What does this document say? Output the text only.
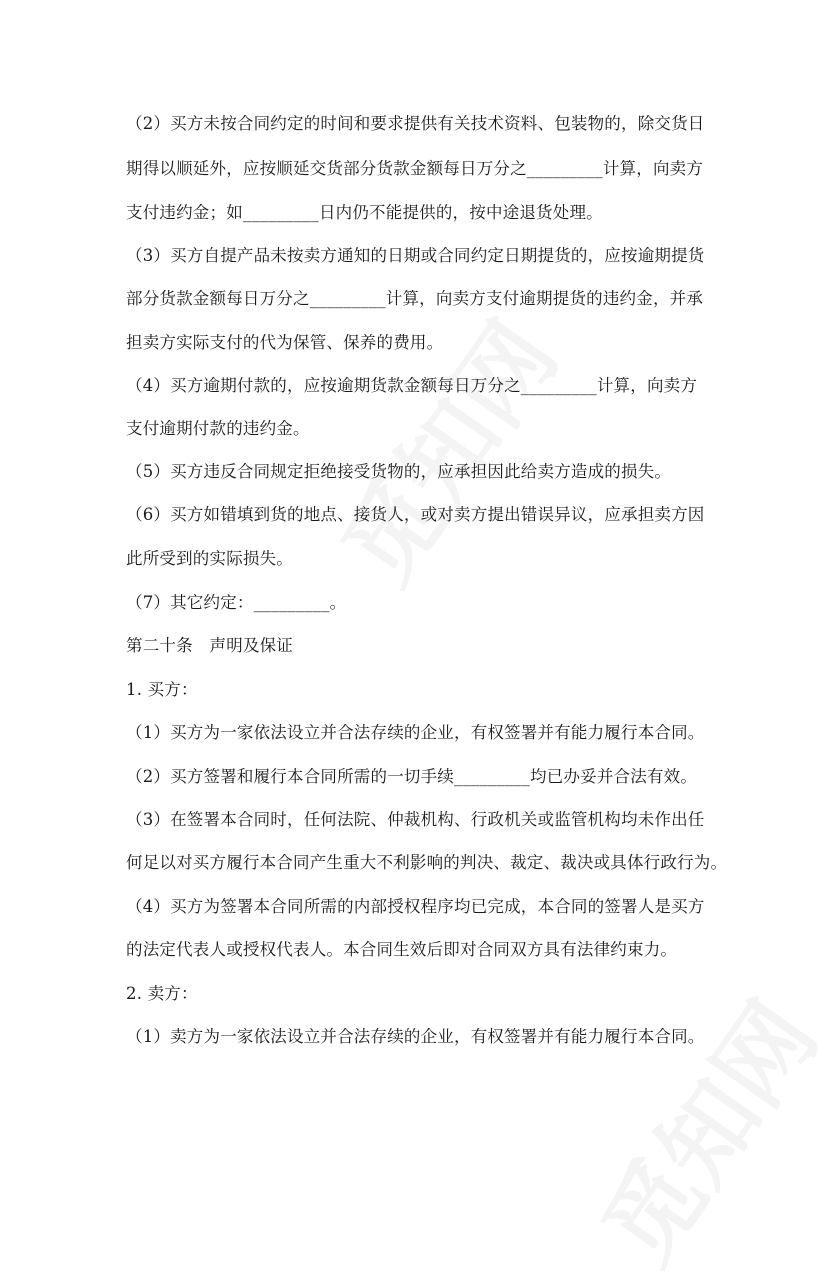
（2）买方未按合同约定的时间和要求提供有关技术资料、包装物的，除交货日
期得以顺延外，应按顺延交货部分货款金额每日万分之_________计算，向卖方
支付违约金；如_________日内仍不能提供的，按中途退货处理。
（3）买方自提产品未按卖方通知的日期或合同约定日期提货的，应按逾期提货
部分货款金额每日万分之_________计算，向卖方支付逾期提货的违约金，并承
担卖方实际支付的代为保管、保养的费用。
（4）买方逾期付款的，应按逾期货款金额每日万分之_________计算，向卖方
支付逾期付款的违约金。
（5）买方违反合同规定拒绝接受货物的，应承担因此给卖方造成的损失。
（6）买方如错填到货的地点、接货人，或对卖方提出错误异议，应承担卖方因
此所受到的实际损失。
（7）其它约定：_________。
第二十条　声明及保证
1. 买方：
（1）买方为一家依法设立并合法存续的企业，有权签署并有能力履行本合同。
（2）买方签署和履行本合同所需的一切手续_________均已办妥并合法有效。
（3）在签署本合同时，任何法院、仲裁机构、行政机关或监管机构均未作出任
何足以对买方履行本合同产生重大不利影响的判决、裁定、裁决或具体行政行为。
（4）买方为签署本合同所需的内部授权程序均已完成，本合同的签署人是买方
的法定代表人或授权代表人。本合同生效后即对合同双方具有法律约束力。
2. 卖方：
（1）卖方为一家依法设立并合法存续的企业，有权签署并有能力履行本合同。
